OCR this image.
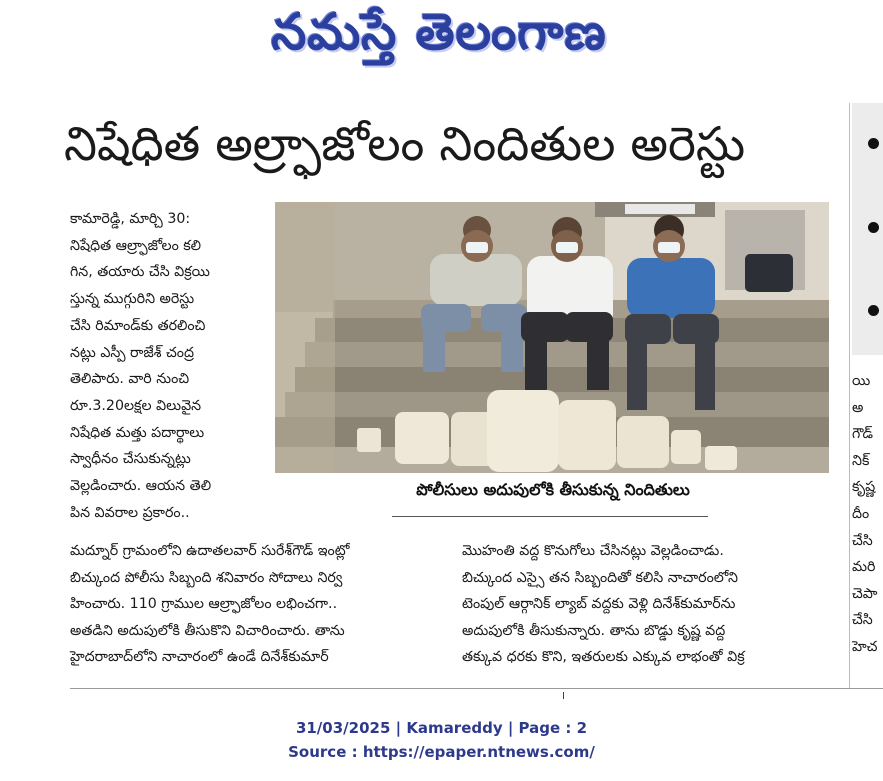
నమస్తే తెలంగాణ
నిషేధిత అల్ర్ఫాజోలం నిందితుల అరెస్టు
పోలీసులు అదుపులోకి తీసుకున్న నిందితులు

కామారెడ్డి, మార్చి 30:

నిషేధిత ఆల్ర్ఫాజోలం కలి

గిన, తయారు చేసి విక్రయి

స్తున్న ముగ్గురిని అరెస్టు

చేసి రిమాండ్‌కు తరలించి

నట్లు ఎస్పీ రాజేశ్ చంద్ర

తెలిపారు. వారి నుంచి

రూ.3.20లక్షల విలువైన

నిషేధిత మత్తు పదార్థాలు

స్వాధీనం చేసుకున్నట్లు

వెల్లడించారు. ఆయన తెలి

పిన వివరాల ప్రకారం..

మద్నూర్ గ్రామంలోని ఉదాతలవార్ సురేశ్‌గౌడ్ ఇంట్లో

బిచ్కుంద పోలీసు సిబ్బంది శనివారం సోదాలు నిర్వ

హించారు. 110 గ్రాముల ఆల్ర్ఫాజోలం లభించగా..

అతడిని అదుపులోకి తీసుకొని విచారించారు. తాను

హైదరాబాద్‌లోని నాచారంలో ఉండే దినేశ్‌కుమార్

మొహంతి వద్ద కొనుగోలు చేసినట్లు వెల్లడించాడు.

బిచ్కుంద ఎస్సై తన సిబ్బందితో కలిసి నాచారంలోని

టెంపుల్ ఆర్గానిక్ ల్యాబ్ వద్దకు వెళ్లి దినేశ్‌కుమార్‌ను

అదుపులోకి తీసుకున్నారు. తాను బొడ్డు కృష్ణ వద్ద

తక్కువ ధరకు కొని, ఇతరులకు ఎక్కువ లాభంతో విక్ర

యి

అ

గౌడ్

నిక్

కృష్ణ

దీం

చేసి

మరి

చెపా

చేసి

హెచ

31/03/2025 | Kamareddy | Page : 2
Source : https://epaper.ntnews.com/
